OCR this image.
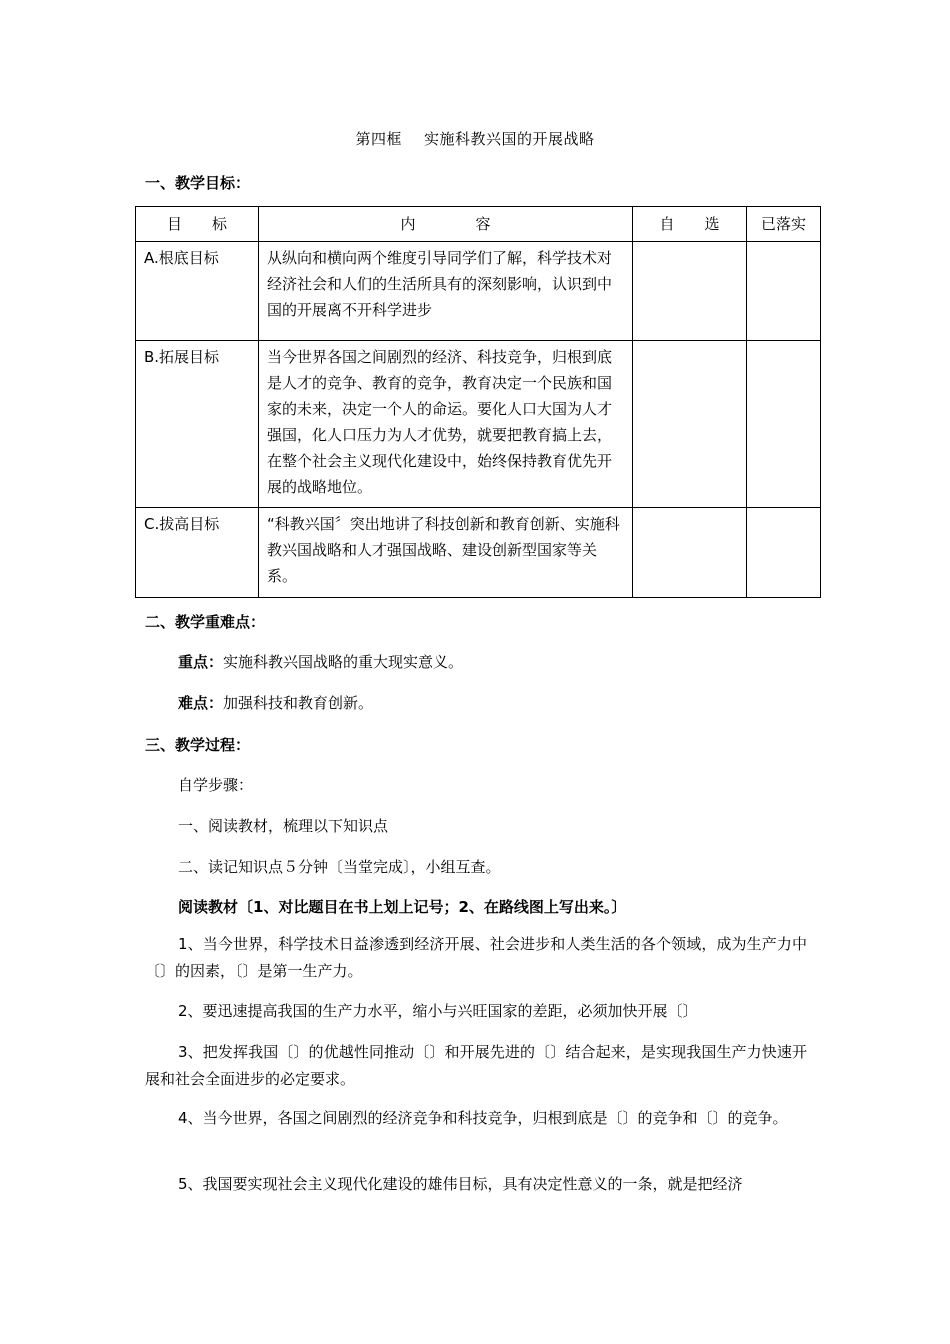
第四框 实施科教兴国的开展战略
一、教学目标：
目　　标	内　　　　容	自　　选	已落实
A.根底目标	从纵向和横向两个维度引导同学们了解，科学技术对经济社会和人们的生活所具有的深刻影响，认识到中国的开展离不开科学进步		
B.拓展目标	当今世界各国之间剧烈的经济、科技竞争，归根到底是人才的竞争、教育的竞争，教育决定一个民族和国家的未来，决定一个人的命运。要化人口大国为人才强国，化人口压力为人才优势，就要把教育搞上去，在整个社会主义现代化建设中，始终保持教育优先开展的战略地位。		
C.拔高目标	“科教兴国〞突出地讲了科技创新和教育创新、实施科教兴国战略和人才强国战略、建设创新型国家等关系。		
二、教学重难点：
重点：实施科教兴国战略的重大现实意义。
难点：加强科技和教育创新。
三、教学过程：
自学步骤：
一、阅读教材，梳理以下知识点
二、读记知识点５分钟〔当堂完成〕，小组互查。
阅读教材〔1、对比题目在书上划上记号；2、在路线图上写出来。〕
1、当今世界，科学技术日益渗透到经济开展、社会进步和人类生活的各个领域，成为生产力中〔〕的因素，〔〕是第一生产力。
2、要迅速提高我国的生产力水平，缩小与兴旺国家的差距，必须加快开展〔〕
3、把发挥我国〔〕的优越性同推动〔〕和开展先进的〔〕结合起来，是实现我国生产力快速开展和社会全面进步的必定要求。
4、当今世界，各国之间剧烈的经济竞争和科技竞争，归根到底是〔〕的竞争和〔〕的竞争。
5、我国要实现社会主义现代化建设的雄伟目标，具有决定性意义的一条，就是把经济
